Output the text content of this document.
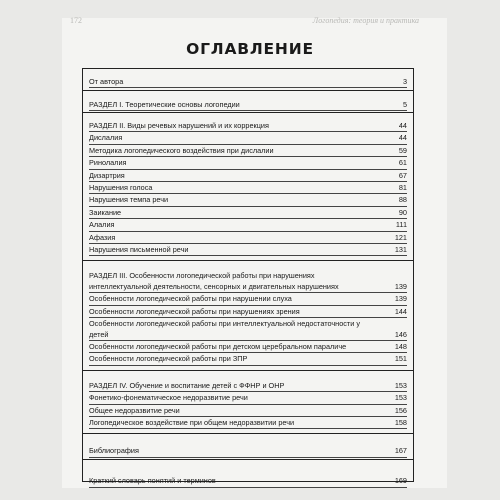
172	Логопедия: теория и практика
ОГЛАВЛЕНИЕ
От автора	3
РАЗДЕЛ I. Теоретические основы логопедии	5
РАЗДЕЛ II. Виды речевых нарушений и их коррекция	44
Дислалия	44
Методика логопедического воздействия при дислалии	59
Ринолалия	61
Дизартрия	67
Нарушения голоса	81
Нарушения темпа речи	88
Заикание	90
Алалия	111
Афазия	121
Нарушения письменной речи	131
РАЗДЕЛ III. Особенности логопедической работы при нарушениях интеллектуальной деятельности, сенсорных и двигательных нарушениях	139
Особенности логопедической работы при нарушении слуха	139
Особенности логопедической работы при нарушениях зрения	144
Особенности логопедической работы при интеллектуальной недостаточности у детей	146
Особенности логопедической работы при детском церебральном параличе	148
Особенности логопедической работы при ЗПР	151
РАЗДЕЛ IV. Обучение и воспитание детей с ФФНР и ОНР	153
Фонетико-фонематическое недоразвитие речи	153
Общее недоразвитие речи	156
Логопедическое воздействие при общем недоразвитии речи	158
Библиография	167
Краткий словарь понятий и терминов	169
